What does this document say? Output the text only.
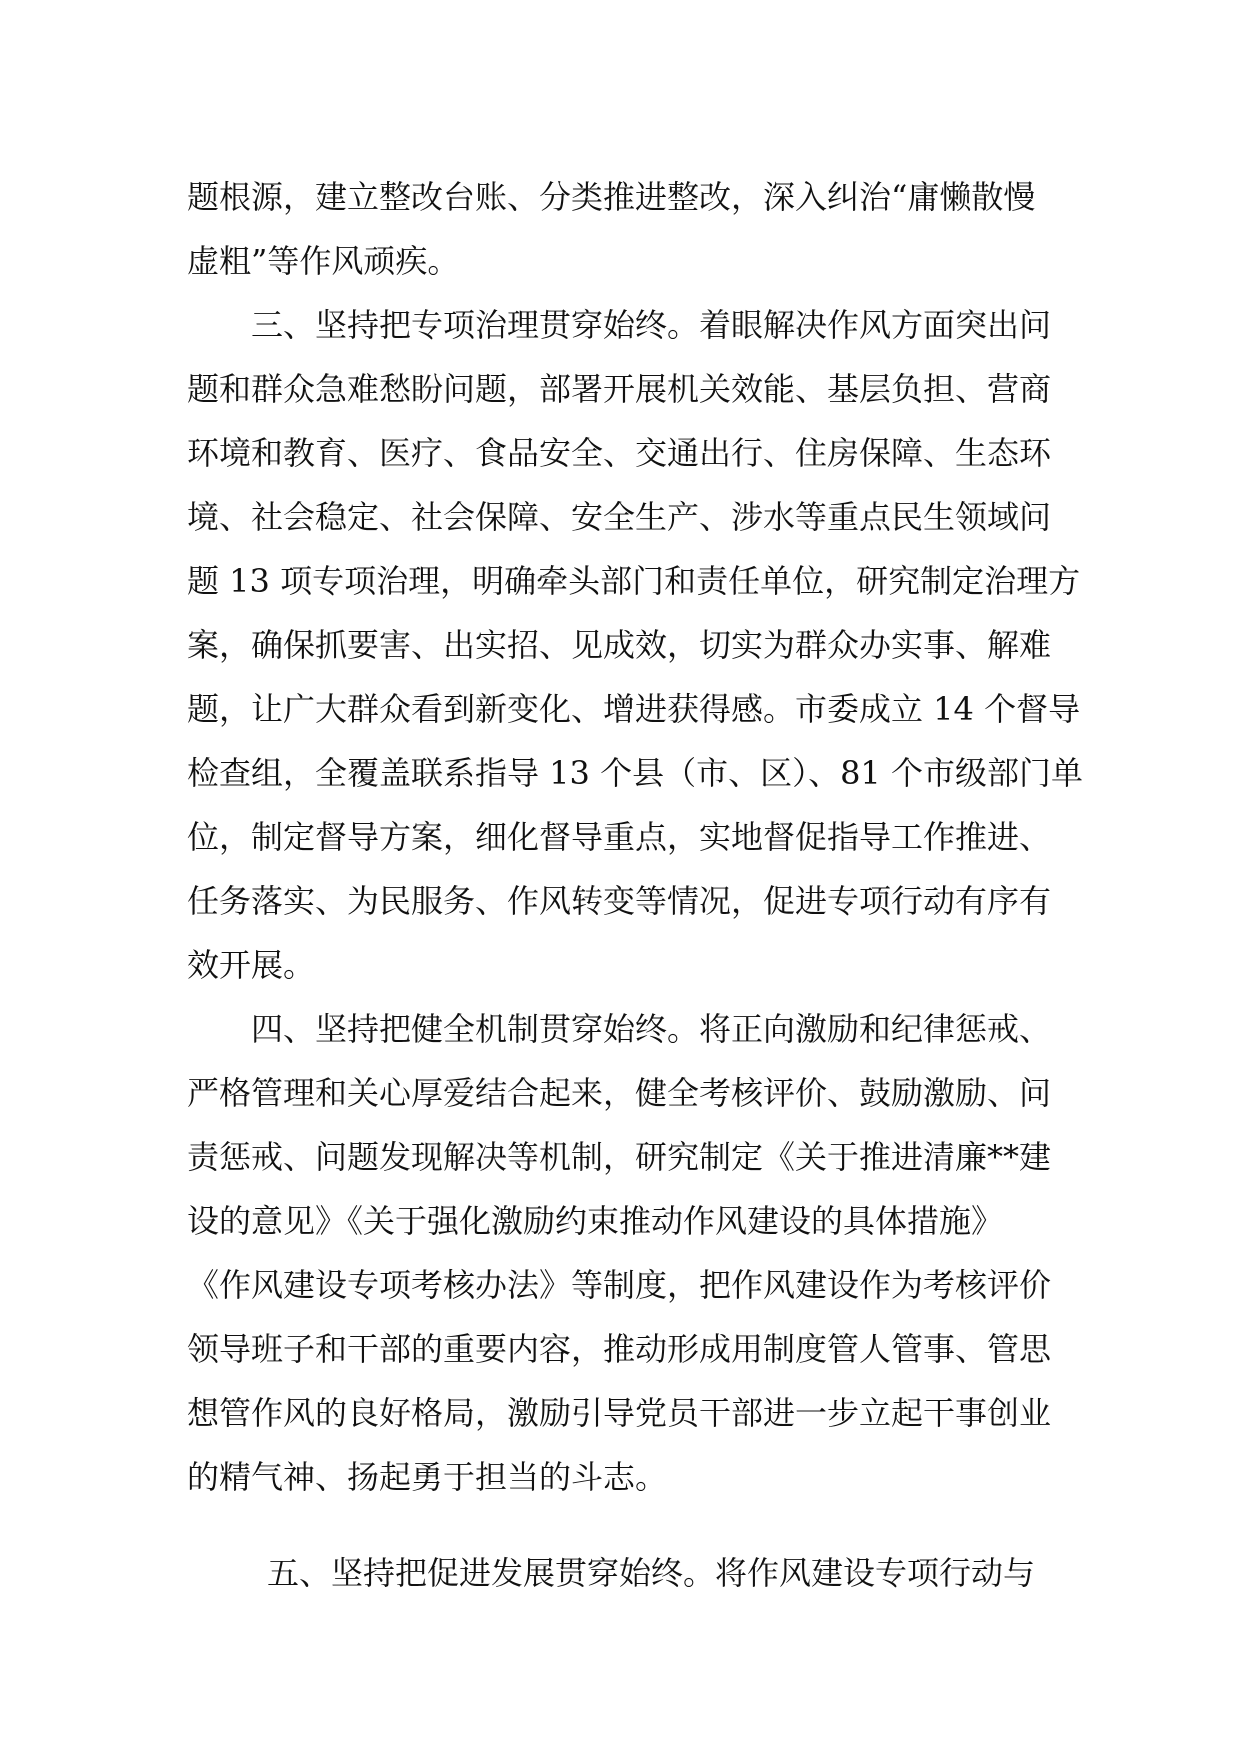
题根源，建立整改台账、分类推进整改，深入纠治“庸懒散慢
虚粗”等作风顽疾。
三、坚持把专项治理贯穿始终。着眼解决作风方面突出问
题和群众急难愁盼问题，部署开展机关效能、基层负担、营商
环境和教育、医疗、食品安全、交通出行、住房保障、生态环
境、社会稳定、社会保障、安全生产、涉水等重点民生领域问
题 13 项专项治理，明确牵头部门和责任单位，研究制定治理方
案，确保抓要害、出实招、见成效，切实为群众办实事、解难
题，让广大群众看到新变化、增进获得感。市委成立 14 个督导
检查组，全覆盖联系指导 13 个县（市、区）、81 个市级部门单
位，制定督导方案，细化督导重点，实地督促指导工作推进、
任务落实、为民服务、作风转变等情况，促进专项行动有序有
效开展。
四、坚持把健全机制贯穿始终。将正向激励和纪律惩戒、
严格管理和关心厚爱结合起来，健全考核评价、鼓励激励、问
责惩戒、问题发现解决等机制，研究制定《关于推进清廉**建
设的意见》《关于强化激励约束推动作风建设的具体措施》
《作风建设专项考核办法》等制度，把作风建设作为考核评价
领导班子和干部的重要内容，推动形成用制度管人管事、管思
想管作风的良好格局，激励引导党员干部进一步立起干事创业
的精气神、扬起勇于担当的斗志。
五、坚持把促进发展贯穿始终。将作风建设专项行动与
